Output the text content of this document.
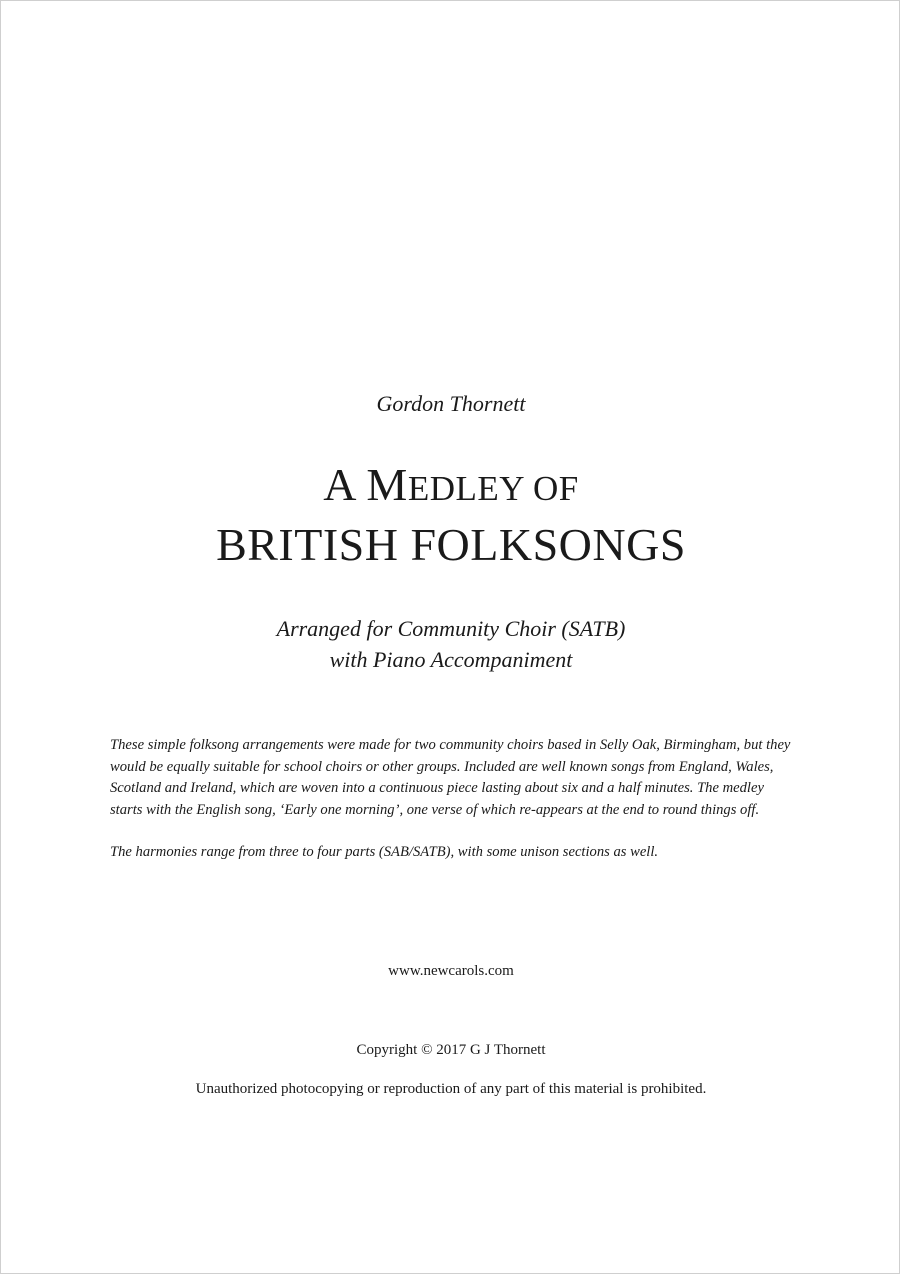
Gordon Thornett
A MEDLEY OF
BRITISH FOLKSONGS
Arranged for Community Choir (SATB)
with Piano Accompaniment

These simple folksong arrangements were made for two community choirs based in Selly Oak, Birmingham, but they would be equally suitable for school choirs or other groups. Included are well known songs from England, Wales, Scotland and Ireland, which are woven into a continuous piece lasting about six and a half minutes. The medley starts with the English song, ‘Early one morning’, one verse of which re-appears at the end to round things off.

The harmonies range from three to four parts (SAB/SATB), with some unison sections as well.

www.newcarols.com
Copyright © 2017 G J Thornett
Unauthorized photocopying or reproduction of any part of this material is prohibited.
